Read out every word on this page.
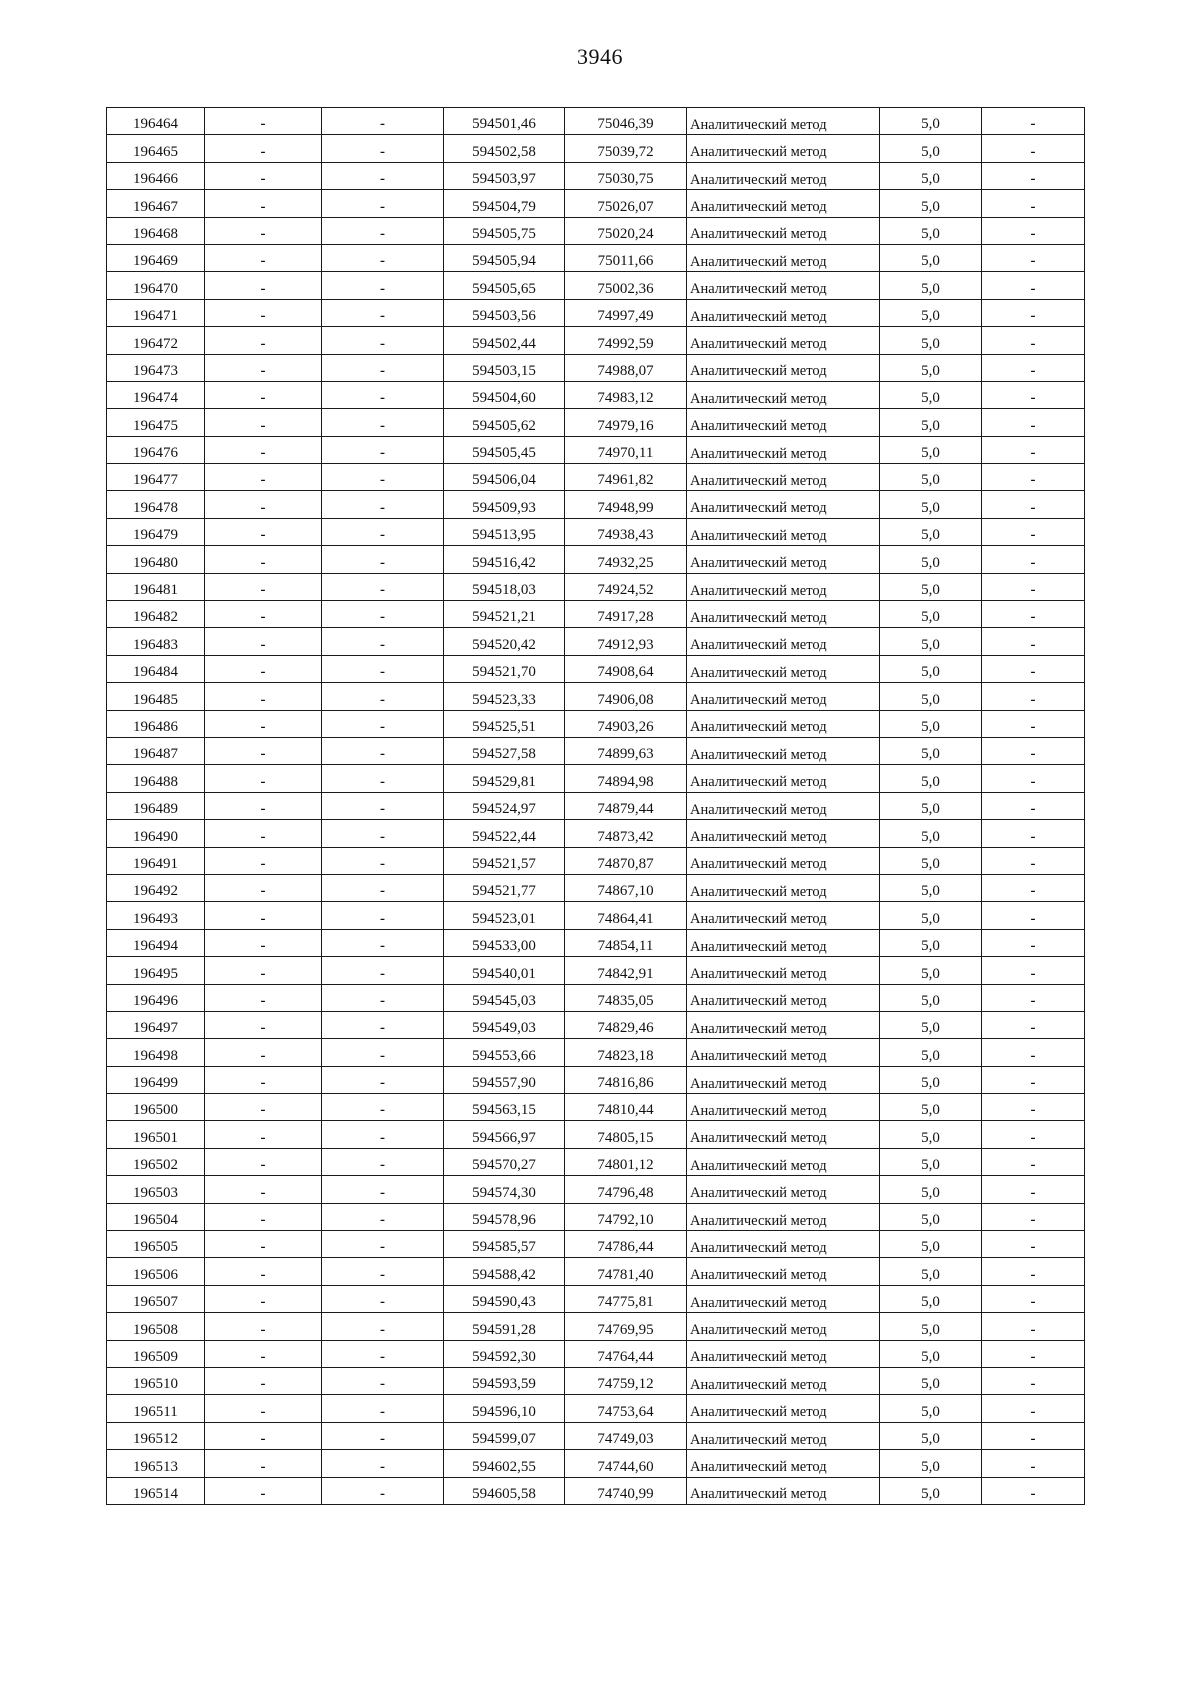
3946
196464	-	-	594501,46	75046,39	Аналитический метод	5,0	-
196465	-	-	594502,58	75039,72	Аналитический метод	5,0	-
196466	-	-	594503,97	75030,75	Аналитический метод	5,0	-
196467	-	-	594504,79	75026,07	Аналитический метод	5,0	-
196468	-	-	594505,75	75020,24	Аналитический метод	5,0	-
196469	-	-	594505,94	75011,66	Аналитический метод	5,0	-
196470	-	-	594505,65	75002,36	Аналитический метод	5,0	-
196471	-	-	594503,56	74997,49	Аналитический метод	5,0	-
196472	-	-	594502,44	74992,59	Аналитический метод	5,0	-
196473	-	-	594503,15	74988,07	Аналитический метод	5,0	-
196474	-	-	594504,60	74983,12	Аналитический метод	5,0	-
196475	-	-	594505,62	74979,16	Аналитический метод	5,0	-
196476	-	-	594505,45	74970,11	Аналитический метод	5,0	-
196477	-	-	594506,04	74961,82	Аналитический метод	5,0	-
196478	-	-	594509,93	74948,99	Аналитический метод	5,0	-
196479	-	-	594513,95	74938,43	Аналитический метод	5,0	-
196480	-	-	594516,42	74932,25	Аналитический метод	5,0	-
196481	-	-	594518,03	74924,52	Аналитический метод	5,0	-
196482	-	-	594521,21	74917,28	Аналитический метод	5,0	-
196483	-	-	594520,42	74912,93	Аналитический метод	5,0	-
196484	-	-	594521,70	74908,64	Аналитический метод	5,0	-
196485	-	-	594523,33	74906,08	Аналитический метод	5,0	-
196486	-	-	594525,51	74903,26	Аналитический метод	5,0	-
196487	-	-	594527,58	74899,63	Аналитический метод	5,0	-
196488	-	-	594529,81	74894,98	Аналитический метод	5,0	-
196489	-	-	594524,97	74879,44	Аналитический метод	5,0	-
196490	-	-	594522,44	74873,42	Аналитический метод	5,0	-
196491	-	-	594521,57	74870,87	Аналитический метод	5,0	-
196492	-	-	594521,77	74867,10	Аналитический метод	5,0	-
196493	-	-	594523,01	74864,41	Аналитический метод	5,0	-
196494	-	-	594533,00	74854,11	Аналитический метод	5,0	-
196495	-	-	594540,01	74842,91	Аналитический метод	5,0	-
196496	-	-	594545,03	74835,05	Аналитический метод	5,0	-
196497	-	-	594549,03	74829,46	Аналитический метод	5,0	-
196498	-	-	594553,66	74823,18	Аналитический метод	5,0	-
196499	-	-	594557,90	74816,86	Аналитический метод	5,0	-
196500	-	-	594563,15	74810,44	Аналитический метод	5,0	-
196501	-	-	594566,97	74805,15	Аналитический метод	5,0	-
196502	-	-	594570,27	74801,12	Аналитический метод	5,0	-
196503	-	-	594574,30	74796,48	Аналитический метод	5,0	-
196504	-	-	594578,96	74792,10	Аналитический метод	5,0	-
196505	-	-	594585,57	74786,44	Аналитический метод	5,0	-
196506	-	-	594588,42	74781,40	Аналитический метод	5,0	-
196507	-	-	594590,43	74775,81	Аналитический метод	5,0	-
196508	-	-	594591,28	74769,95	Аналитический метод	5,0	-
196509	-	-	594592,30	74764,44	Аналитический метод	5,0	-
196510	-	-	594593,59	74759,12	Аналитический метод	5,0	-
196511	-	-	594596,10	74753,64	Аналитический метод	5,0	-
196512	-	-	594599,07	74749,03	Аналитический метод	5,0	-
196513	-	-	594602,55	74744,60	Аналитический метод	5,0	-
196514	-	-	594605,58	74740,99	Аналитический метод	5,0	-
